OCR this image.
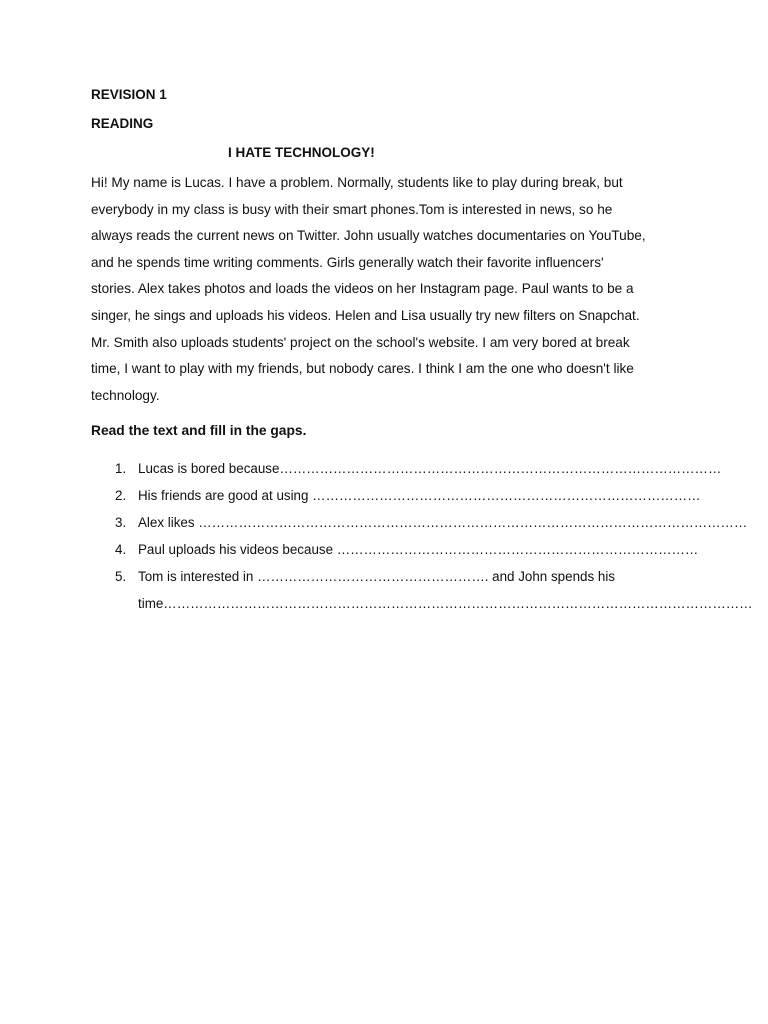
REVISION 1
READING
I HATE TECHNOLOGY!
Hi! My name is Lucas. I have a problem. Normally, students like to play during break, but
everybody in my class is busy with their smart phones.Tom is interested in news, so he
always reads the current news on Twitter. John usually watches documentaries on YouTube,
and he spends time writing comments. Girls generally watch their favorite influencers'
stories. Alex takes photos and loads the videos on her Instagram page. Paul wants to be a
singer, he sings and uploads his videos. Helen and Lisa usually try new filters on Snapchat.
Mr. Smith also uploads students' project on the school's website. I am very bored at break
time, I want to play with my friends, but nobody cares. I think I am the one who doesn't like
technology.
Read the text and fill in the gaps.
1. Lucas is bored because………………………………………………………………………………………
2. His friends are good at using ……………………………………………………………………………
3. Alex likes ……………………………………………………………………………………………………………
4. Paul uploads his videos because ………………………………………………………………………
5. Tom is interested in ……………………………………………. and John spends his
time……………………………………………………………………………………………………………………
